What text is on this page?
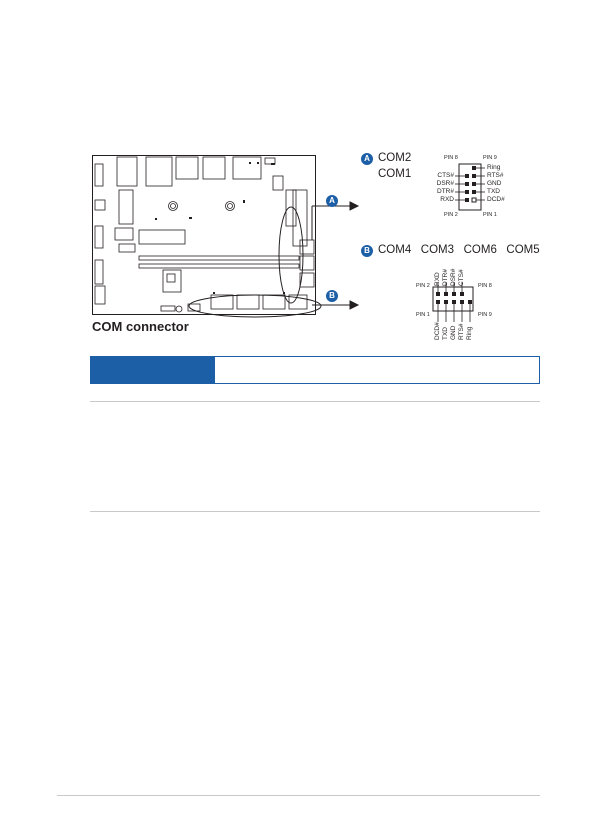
A
B
COM connector
A COM2
COM1
PIN 8	PIN 9
PIN 2	PIN 1
CTS#
DSR#
DTR#
RXD
Ring
RTS#
GND
TXD
DCD#
B COM4   COM3   COM6   COM5
RXD DTR# DSR# CTS#
PIN 2	PIN 8
PIN 1	PIN 9
DCD# TXD GND RTS# Ring
